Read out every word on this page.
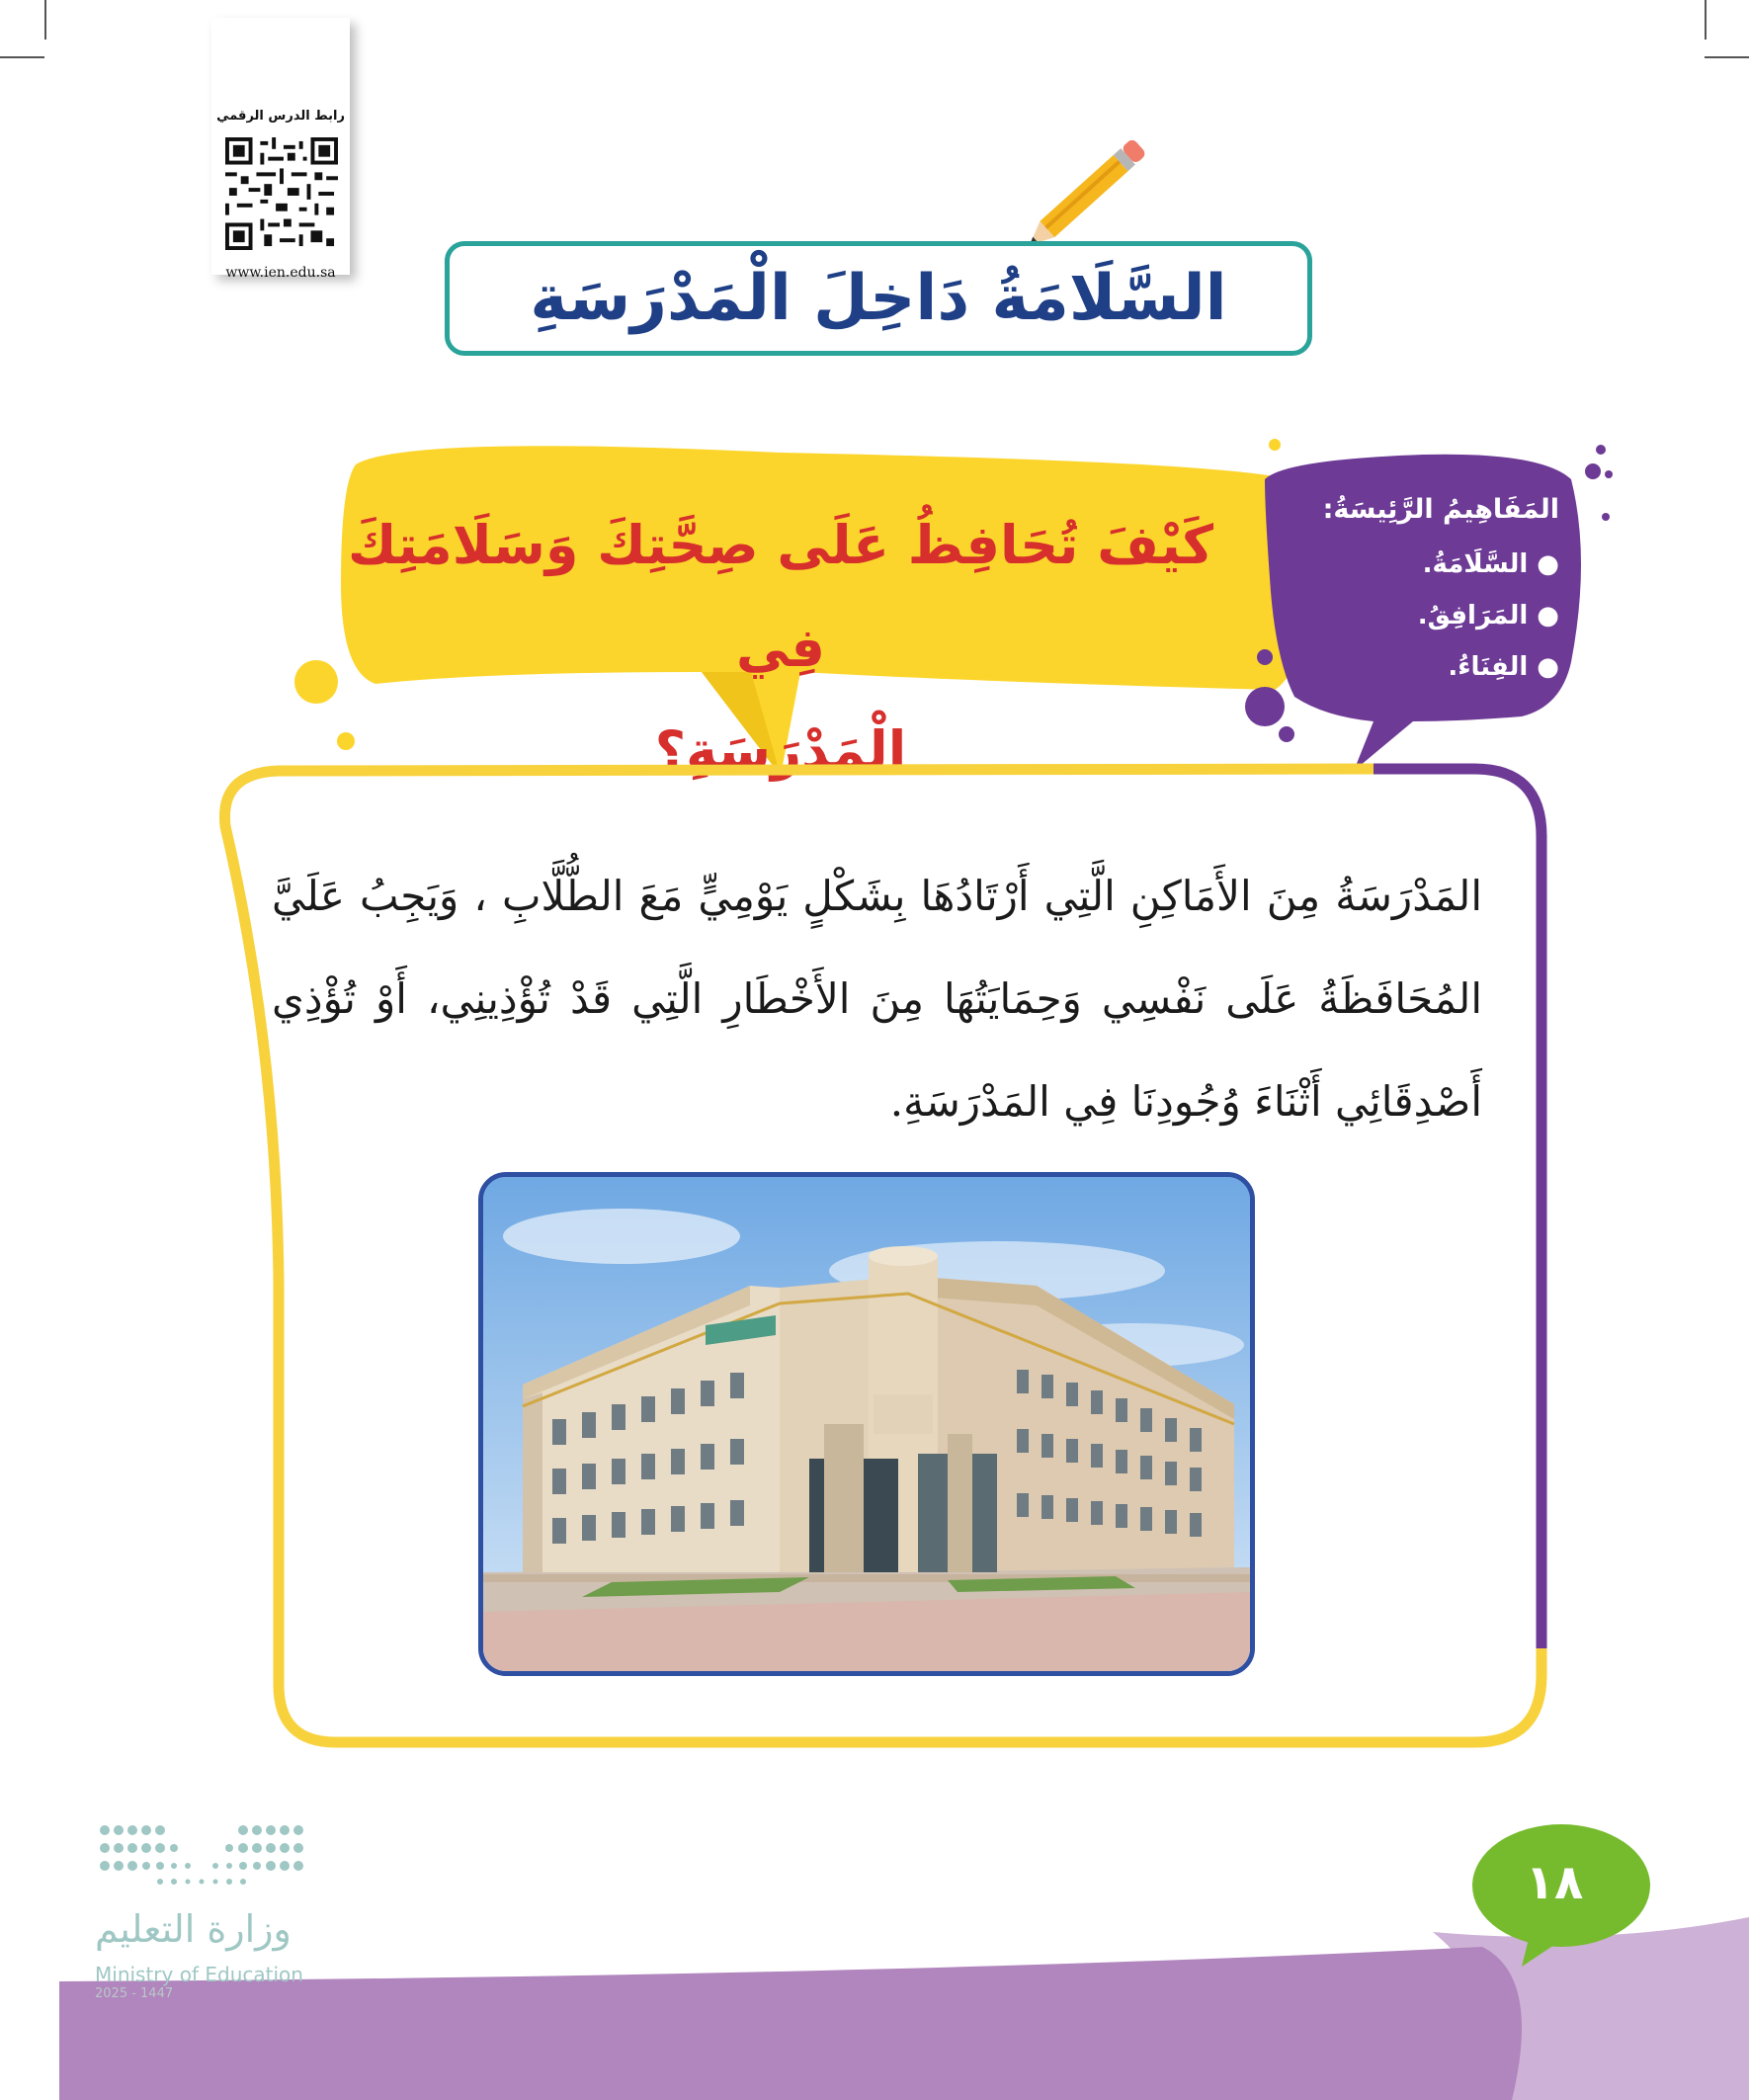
رابط الدرس الرقمي
www.ien.edu.sa	السَّلَامَةُ دَاخِلَ الْمَدْرَسَةِ
كَيْفَ تُحَافِظُ عَلَى صِحَّتِكَ وَسَلَامَتِكَ فِي
الْمَدْرَسَةِ؟
المَفَاهِيمُ الرَّئِيسَةُ:
● السَّلَامَةُ.
● المَرَافِقُ.
● الفِنَاءُ.
المَدْرَسَةُ مِنَ الأَمَاكِنِ الَّتِي أَرْتَادُهَا بِشَكْلٍ يَوْمِيٍّ مَعَ الطُّلَّابِ ، وَيَجِبُ عَلَيَّ المُحَافَظَةُ عَلَى نَفْسِي وَحِمَايَتُهَا مِنَ الأَخْطَارِ الَّتِي قَدْ تُؤْذِينِي، أَوْ تُؤْذِي أَصْدِقَائِي أَثْنَاءَ وُجُودِنَا فِي المَدْرَسَةِ.
١٨
وزارة التعليم
Ministry of Education
2025 - 1447
